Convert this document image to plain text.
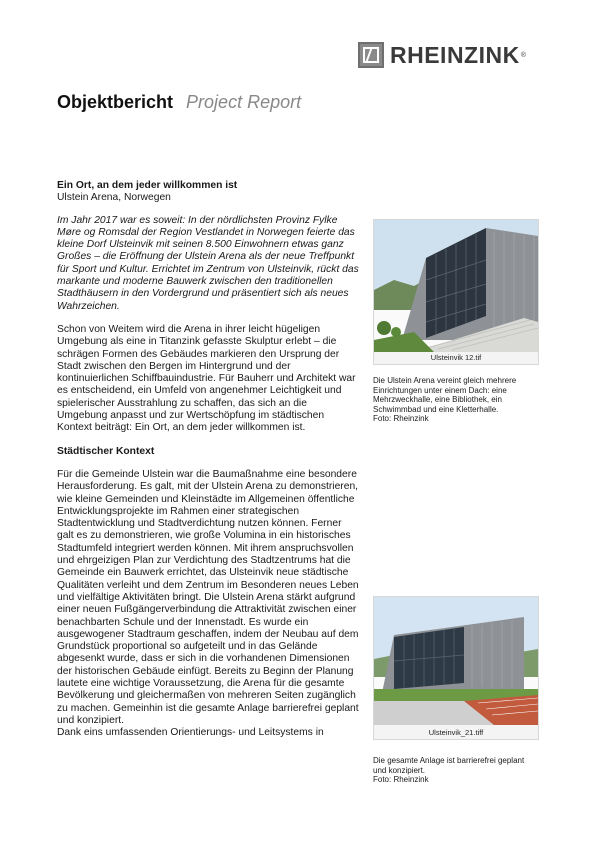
RHEINZINK ®
Objektbericht Project Report

Ein Ort, an dem jeder willkommen ist

Ulstein Arena, Norwegen

Im Jahr 2017 war es soweit: In der nördlichsten Provinz Fylke Møre og Romsdal der Region Vestlandet in Norwegen feierte das kleine Dorf Ulsteinvik mit seinen 8.500 Einwohnern etwas ganz Großes – die Eröffnung der Ulstein Arena als der neue Treffpunkt für Sport und Kultur. Errichtet im Zentrum von Ulsteinvik, rückt das markante und moderne Bauwerk zwischen den traditionellen Stadthäusern in den Vordergrund und präsentiert sich als neues Wahrzeichen.

Schon von Weitem wird die Arena in ihrer leicht hügeligen Umgebung als eine in Titanzink gefasste Skulptur erlebt – die schrägen Formen des Gebäudes markieren den Ursprung der Stadt zwischen den Bergen im Hintergrund und der kontinuierlichen Schiffbauindustrie. Für Bauherr und Architekt war es entscheidend, ein Umfeld von angenehmer Leichtigkeit und spielerischer Ausstrahlung zu schaffen, das sich an die Umgebung anpasst und zur Wertschöpfung im städtischen Kontext beiträgt: Ein Ort, an dem jeder willkommen ist.

Städtischer Kontext

Für die Gemeinde Ulstein war die Baumaßnahme eine besondere Herausforderung. Es galt, mit der Ulstein Arena zu demonstrieren, wie kleine Gemeinden und Kleinstädte im Allgemeinen öffentliche Entwicklungsprojekte im Rahmen einer strategischen Stadtentwicklung und Stadtverdichtung nutzen können. Ferner galt es zu demonstrieren, wie große Volumina in ein historisches Stadtumfeld integriert werden können. Mit ihrem anspruchsvollen und ehrgeizigen Plan zur Verdichtung des Stadtzentrums hat die Gemeinde ein Bauwerk errichtet, das Ulsteinvik neue städtische Qualitäten verleiht und dem Zentrum im Besonderen neues Leben und vielfältige Aktivitäten bringt. Die Ulstein Arena stärkt aufgrund einer neuen Fußgängerverbindung die Attraktivität zwischen einer benachbarten Schule und der Innenstadt. Es wurde ein ausgewogener Stadtraum geschaffen, indem der Neubau auf dem Grundstück proportional so aufgeteilt und in das Gelände abgesenkt wurde, dass er sich in die vorhandenen Dimensionen der historischen Gebäude einfügt. Bereits zu Beginn der Planung lautete eine wichtige Voraussetzung, die Arena für die gesamte Bevölkerung und gleichermaßen von mehreren Seiten zugänglich zu machen. Gemeinhin ist die gesamte Anlage barrierefrei geplant und konzipiert.

Dank eins umfassenden Orientierungs- und Leitsystems in

Ulsteinvik 12.tif

Die Ulstein Arena vereint gleich mehrere

Einrichtungen unter einem Dach: eine

Mehrzweckhalle, eine Bibliothek, ein

Schwimmbad und eine Kletterhalle.

Foto: Rheinzink

Ulsteinvik_21.tiff

Die gesamte Anlage ist barrierefrei geplant

und konzipiert.

Foto: Rheinzink
